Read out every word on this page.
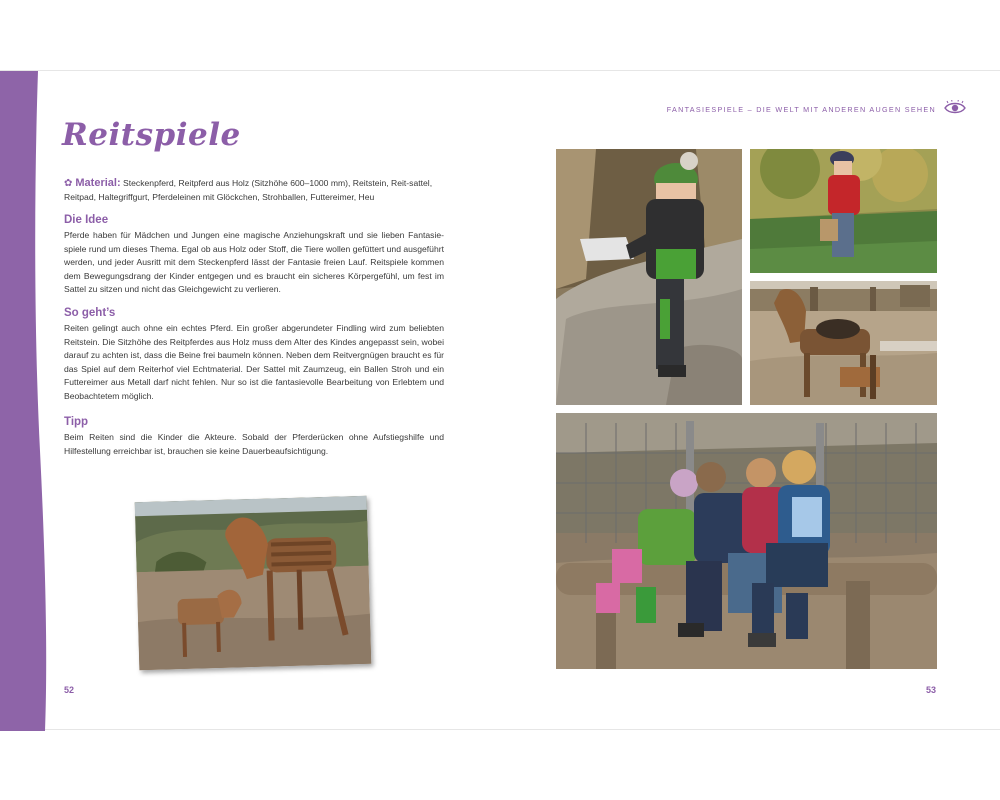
Reitspiele
✿ Material: Steckenpferd, Reitpferd aus Holz (Sitzhöhe 600–1000 mm), Reitstein, Reit-sattel, Reitpad, Haltegriffgurt, Pferdeleinen mit Glöckchen, Strohballen, Futtereimer, Heu
Die Idee
Pferde haben für Mädchen und Jungen eine magische Anziehungskraft und sie lieben Fantasie-spiele rund um dieses Thema. Egal ob aus Holz oder Stoff, die Tiere wollen gefüttert und ausgeführt werden, und jeder Ausritt mit dem Steckenpferd lässt der Fantasie freien Lauf. Reitspiele kommen dem Bewegungsdrang der Kinder entgegen und es braucht ein sicheres Körpergefühl, um fest im Sattel zu sitzen und nicht das Gleichgewicht zu verlieren.
So geht’s
Reiten gelingt auch ohne ein echtes Pferd. Ein großer abgerundeter Findling wird zum beliebten Reitstein. Die Sitzhöhe des Reitpferdes aus Holz muss dem Alter des Kindes angepasst sein, wobei darauf zu achten ist, dass die Beine frei baumeln können. Neben dem Reitvergnügen braucht es für das Spiel auf dem Reiterhof viel Echtmaterial. Der Sattel mit Zaumzeug, ein Ballen Stroh und ein Futtereimer aus Metall darf nicht fehlen. Nur so ist die fantasievolle Bearbeitung von Erlebtem und Beobachtetem möglich.
Tipp
Beim Reiten sind die Kinder die Akteure. Sobald der Pferderücken ohne Aufstiegshilfe und Hilfestellung erreichbar ist, brauchen sie keine Dauerbeaufsichtigung.
52
FANTASIESPIELE – DIE WELT MIT ANDEREN AUGEN SEHEN
53
